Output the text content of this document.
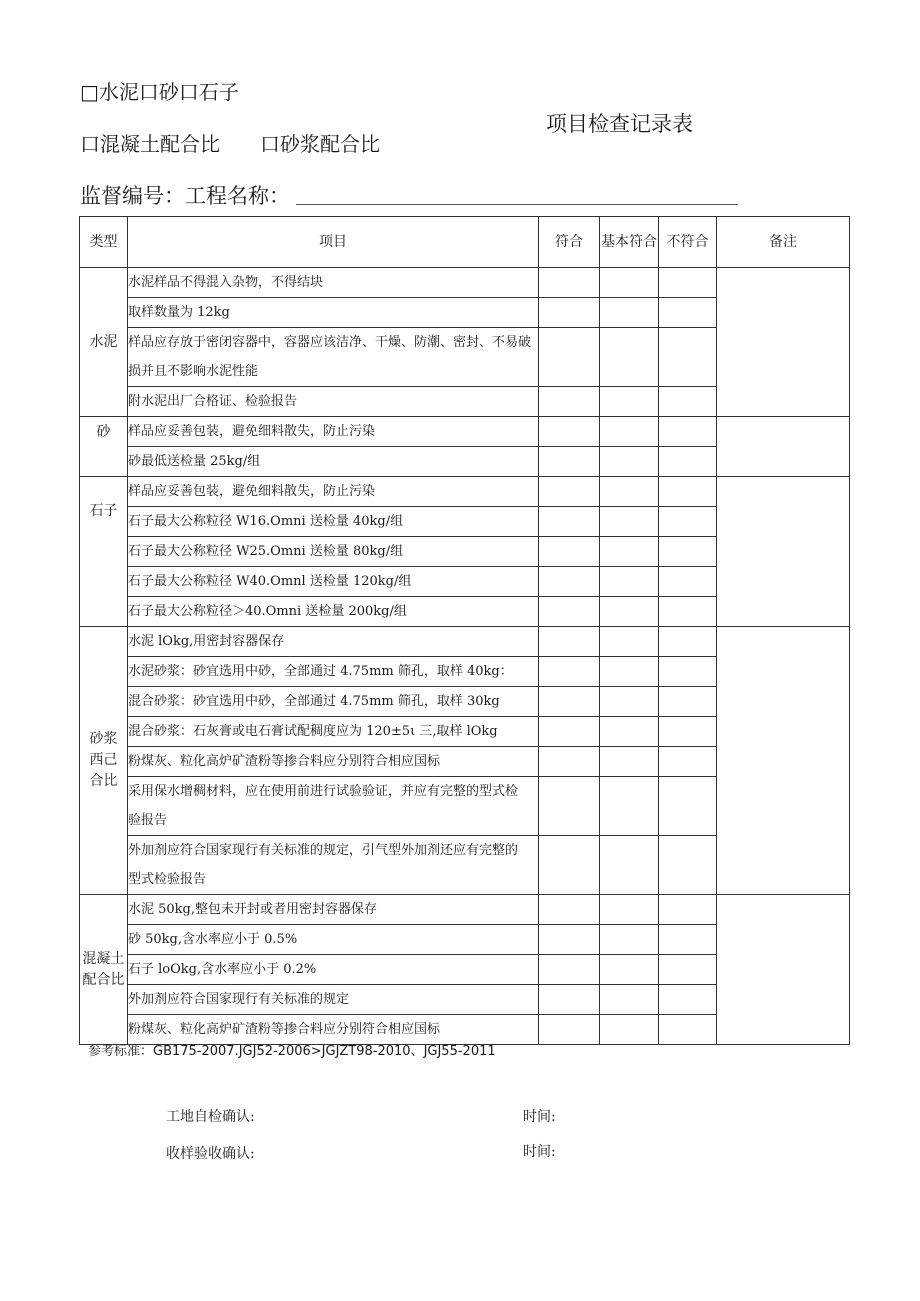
□水泥口砂口石子
口混凝土配合比　　口砂浆配合比
项目检查记录表
监督编号：工程名称：
类型	项目	符合	基本符合	不符合	备注
水泥	水泥样品不得混入杂物，不得结块				
	取样数量为 12kg				
	样品应存放于密闭容器中，容器应该洁净、干燥、防潮、密封、不易破损并且不影响水泥性能				
	附水泥出厂合格证、检验报告				
砂	样品应妥善包装，避免细料散失，防止污染				
	砂最低送检量 25kg/组				
石子	样品应妥善包装，避免细料散失，防止污染				
	石子最大公称粒径 W16.Omni 送检量 40kg/组				
	石子最大公称粒径 W25.Omni 送检量 80kg/组				
	石子最大公称粒径 W40.Omnl 送检量 120kg/组				
	石子最大公称粒径＞40.Omni 送检量 200kg/组				
砂浆西己合比	水泥 lOkg,用密封容器保存				
	水泥砂浆：砂宜选用中砂，全部通过 4.75mm 筛孔，取样 40kg：				
	混合砂浆：砂宜选用中砂，全部通过 4.75mm 筛孔，取样 30kg				
	混合砂浆：石灰膏或电石膏试配稠度应为 120±5ι 三,取样 lOkg				
	粉煤灰、粒化高炉矿渣粉等掺合料应分别符合相应国标				
	采用保水增稠材料，应在使用前进行试验验证，并应有完整的型式检验报告				
	外加剂应符合国家现行有关标准的规定，引气型外加剂还应有完整的型式检验报告				
混凝土配合比	水泥 50kg,整包未开封或者用密封容器保存				
	砂 50kg,含水率应小于 0.5%				
	石子 loOkg,含水率应小于 0.2%				
	外加剂应符合国家现行有关标准的规定				
	粉煤灰、粒化高炉矿渣粉等掺合料应分别符合相应国标				
参考标准：GB175-2007.JGJ52-2006>JGJZT98-2010、JGJ55-2011
工地自检确认:	时间:
收样验收确认:	时间:
